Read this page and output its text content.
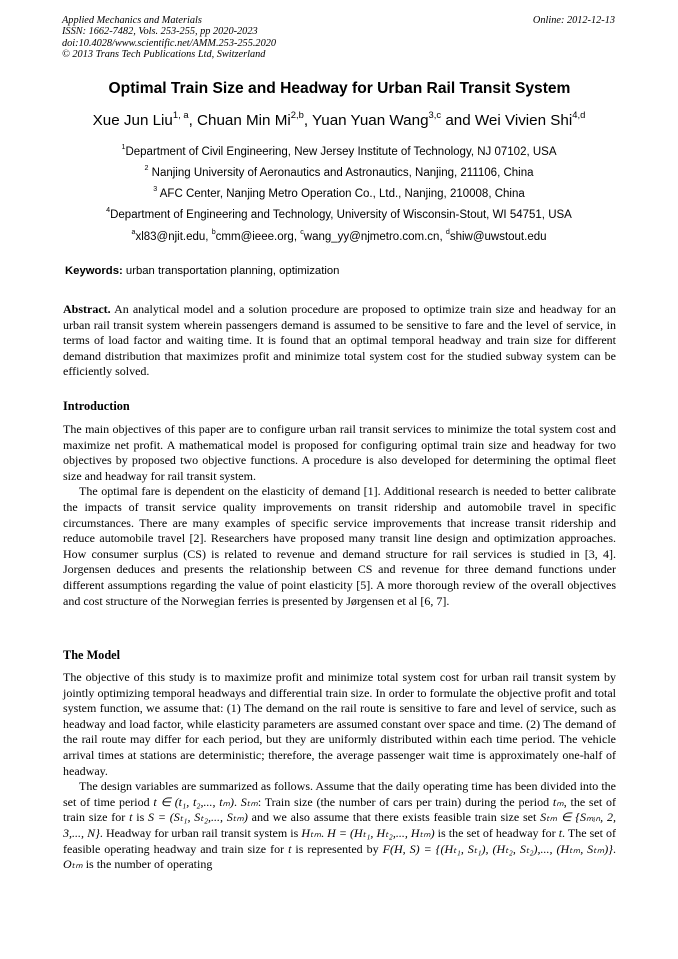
Applied Mechanics and Materials
ISSN: 1662-7482, Vols. 253-255, pp 2020-2023
doi:10.4028/www.scientific.net/AMM.253-255.2020
© 2013 Trans Tech Publications Ltd, Switzerland
Online: 2012-12-13
Optimal Train Size and Headway for Urban Rail Transit System
Xue Jun Liu$^{1, a}$, Chuan Min Mi$^{2,b}$, Yuan Yuan Wang$^{3,c}$ and Wei Vivien Shi$^{4,d}$
$^1$Department of Civil Engineering, New Jersey Institute of Technology, NJ 07102, USA
$^2$ Nanjing University of Aeronautics and Astronautics, Nanjing, 211106, China
$^3$ AFC Center, Nanjing Metro Operation Co., Ltd., Nanjing, 210008, China
$^4$Department of Engineering and Technology, University of Wisconsin-Stout, WI 54751, USA
$^a$xl83@njit.edu, $^b$cmm@ieee.org, $^c$wang_yy@njmetro.com.cn, $^d$shiw@uwstout.edu
Keywords: urban transportation planning, optimization

Abstract. An analytical model and a solution procedure are proposed to optimize train size and headway for an urban rail transit system wherein passengers demand is assumed to be sensitive to fare and the level of service, in terms of load factor and waiting time. It is found that an optimal temporal headway and train size for different demand distribution that maximizes profit and minimize total system cost for the studied subway system can be efficiently solved.

Introduction

The main objectives of this paper are to configure urban rail transit services to minimize the total system cost and maximize net profit. A mathematical model is proposed for configuring optimal train size and headway for two objectives by proposed two objective functions. A procedure is also developed for determining the optimal fleet size and headway for rail transit system.

The optimal fare is dependent on the elasticity of demand [1]. Additional research is needed to better calibrate the impacts of transit service quality improvements on transit ridership and automobile travel in specific circumstances. There are many examples of specific service improvements that increase transit ridership and reduce automobile travel [2]. Researchers have proposed many transit line design and optimization approaches. How consumer surplus (CS) is related to revenue and demand structure for rail services is studied in [3, 4]. Jorgensen deduces and presents the relationship between CS and revenue for three demand functions under different assumptions regarding the value of point elasticity [5]. A more thorough review of the overall objectives and cost structure of the Norwegian ferries is presented by Jørgensen et al [6, 7].

The Model

The objective of this study is to maximize profit and minimize total system cost for urban rail transit system by jointly optimizing temporal headways and differential train size. In order to formulate the objective profit and total system function, we assume that: (1) The demand on the rail route is sensitive to fare and level of service, such as headway and load factor, while elasticity parameters are assumed constant over space and time. (2) The demand of the rail route may differ for each period, but they are uniformly distributed within each time period. The vehicle arrival times at stations are deterministic; therefore, the average passenger wait time is approximately one-half of headway.

The design variables are summarized as follows. Assume that the daily operating time has been divided into the set of time period t ∈ (t₁, t₂,..., tₘ). Sₜₘ: Train size (the number of cars per train) during the period tₘ, the set of train size for t is S = (Sₜ₁, Sₜ₂,..., Sₜₘ) and we also assume that there exists feasible train size set Sₜₘ ∈ {Sₘᵢₙ, 2, 3,..., N}. Headway for urban rail transit system is Hₜₘ. H = (Hₜ₁, Hₜ₂,..., Hₜₘ) is the set of headway for t. The set of feasible operating headway and train size for t is represented by F(H, S) = {(Hₜ₁, Sₜ₁), (Hₜ₂, Sₜ₂),..., (Hₜₘ, Sₜₘ)}. Oₜₘ is the number of operating
